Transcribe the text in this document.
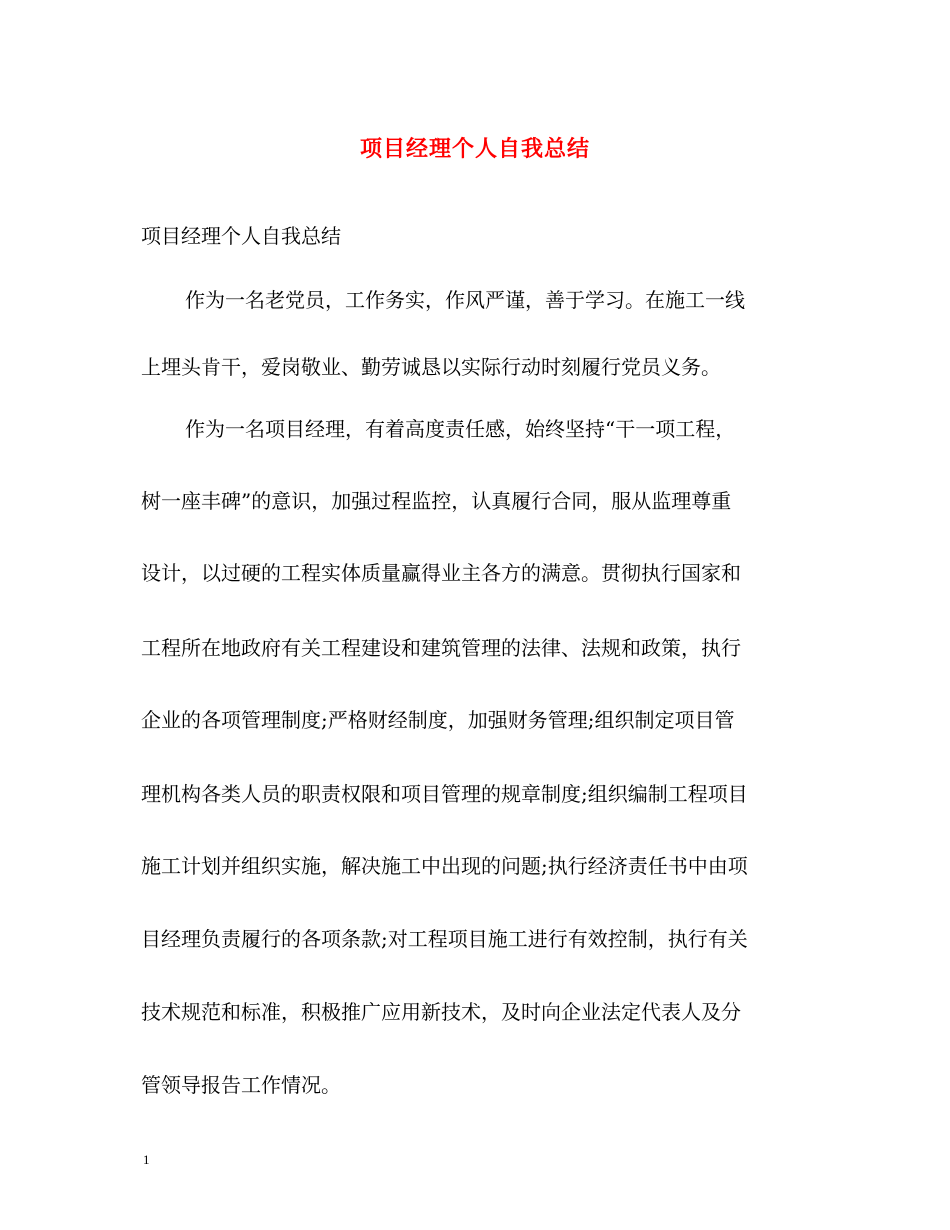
项目经理个人自我总结
项目经理个人自我总结
作为一名老党员，工作务实，作风严谨，善于学习。在施工一线
上埋头肯干，爱岗敬业、勤劳诚恳以实际行动时刻履行党员义务。
作为一名项目经理，有着高度责任感，始终坚持“干一项工程，
树一座丰碑”的意识，加强过程监控，认真履行合同，服从监理尊重
设计，以过硬的工程实体质量赢得业主各方的满意。贯彻执行国家和
工程所在地政府有关工程建设和建筑管理的法律、法规和政策，执行
企业的各项管理制度;严格财经制度，加强财务管理;组织制定项目管
理机构各类人员的职责权限和项目管理的规章制度;组织编制工程项目
施工计划并组织实施，解决施工中出现的问题;执行经济责任书中由项
目经理负责履行的各项条款;对工程项目施工进行有效控制，执行有关
技术规范和标准，积极推广应用新技术，及时向企业法定代表人及分
管领导报告工作情况。
1
